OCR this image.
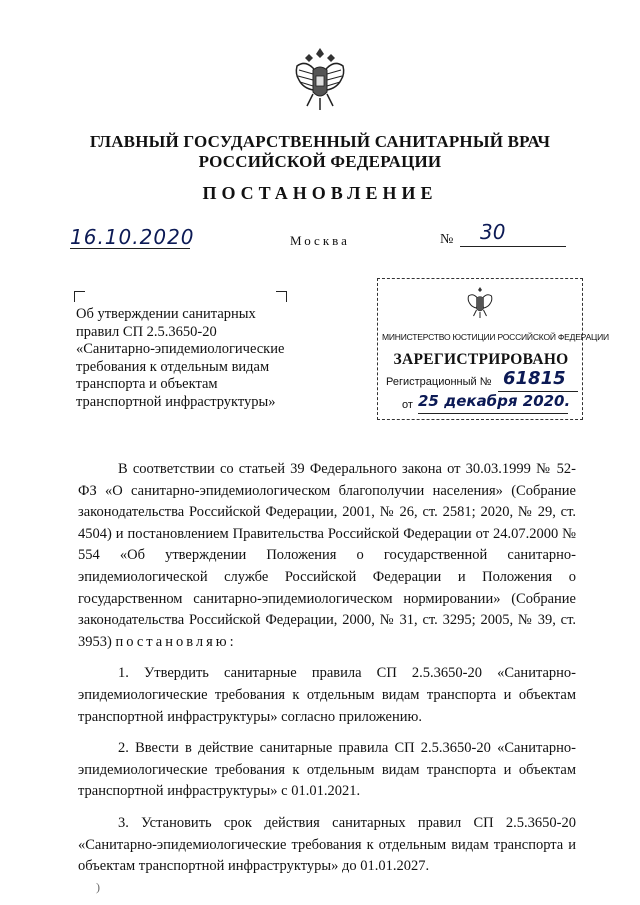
ГЛАВНЫЙ ГОСУДАРСТВЕННЫЙ САНИТАРНЫЙ ВРАЧ
РОССИЙСКОЙ ФЕДЕРАЦИИ
ПОСТАНОВЛЕНИЕ
16.10.2020	Москва	№ 30
Об утверждении санитарных
правил СП 2.5.3650-20
«Санитарно-эпидемиологические
требования к отдельным видам
транспорта и объектам
транспортной инфраструктуры»
МИНИСТЕРСТВО ЮСТИЦИИ РОССИЙСКОЙ ФЕДЕРАЦИИ
ЗАРЕГИСТРИРОВАНО
Регистрационный № 61815
от 25 декабря 2020.

В соответствии со статьей 39 Федерального закона от 30.03.1999 № 52-ФЗ «О санитарно-эпидемиологическом благополучии населения» (Собрание законодательства Российской Федерации, 2001, № 26, ст. 2581; 2020, № 29, ст. 4504) и постановлением Правительства Российской Федерации от 24.07.2000 № 554 «Об утверждении Положения о государственной санитарно-эпидемиологической службе Российской Федерации и Положения о государственном санитарно-эпидемиологическом нормировании» (Собрание законодательства Российской Федерации, 2000, № 31, ст. 3295; 2005, № 39, ст. 3953) постановляю:

1. Утвердить санитарные правила СП 2.5.3650-20 «Санитарно-эпидемиологические требования к отдельным видам транспорта и объектам транспортной инфраструктуры» согласно приложению.

2. Ввести в действие санитарные правила СП 2.5.3650-20 «Санитарно-эпидемиологические требования к отдельным видам транспорта и объектам транспортной инфраструктуры» с 01.01.2021.

3. Установить срок действия санитарных правил СП 2.5.3650-20 «Санитарно-эпидемиологические требования к отдельным видам транспорта и объектам транспортной инфраструктуры» до 01.01.2027.

)
